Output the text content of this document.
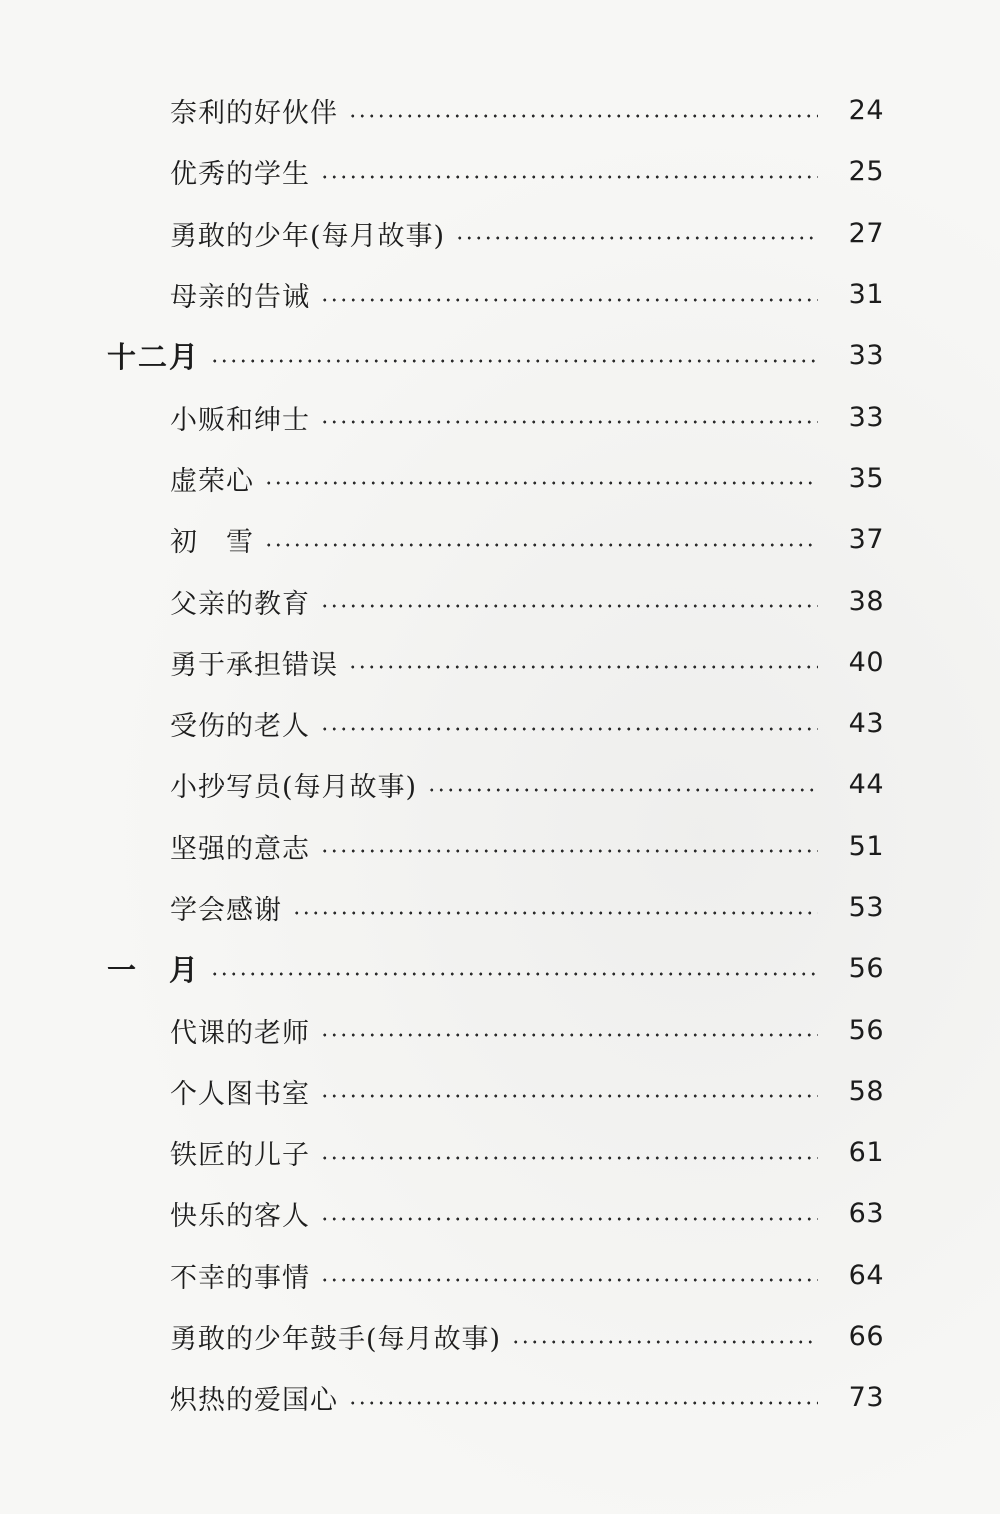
奈利的好伙伴	24
优秀的学生	25
勇敢的少年(每月故事)	27
母亲的告诫	31
十二月	33
小贩和绅士	33
虚荣心	35
初　雪	37
父亲的教育	38
勇于承担错误	40
受伤的老人	43
小抄写员(每月故事)	44
坚强的意志	51
学会感谢	53
一　月	56
代课的老师	56
个人图书室	58
铁匠的儿子	61
快乐的客人	63
不幸的事情	64
勇敢的少年鼓手(每月故事)	66
炽热的爱国心	73
